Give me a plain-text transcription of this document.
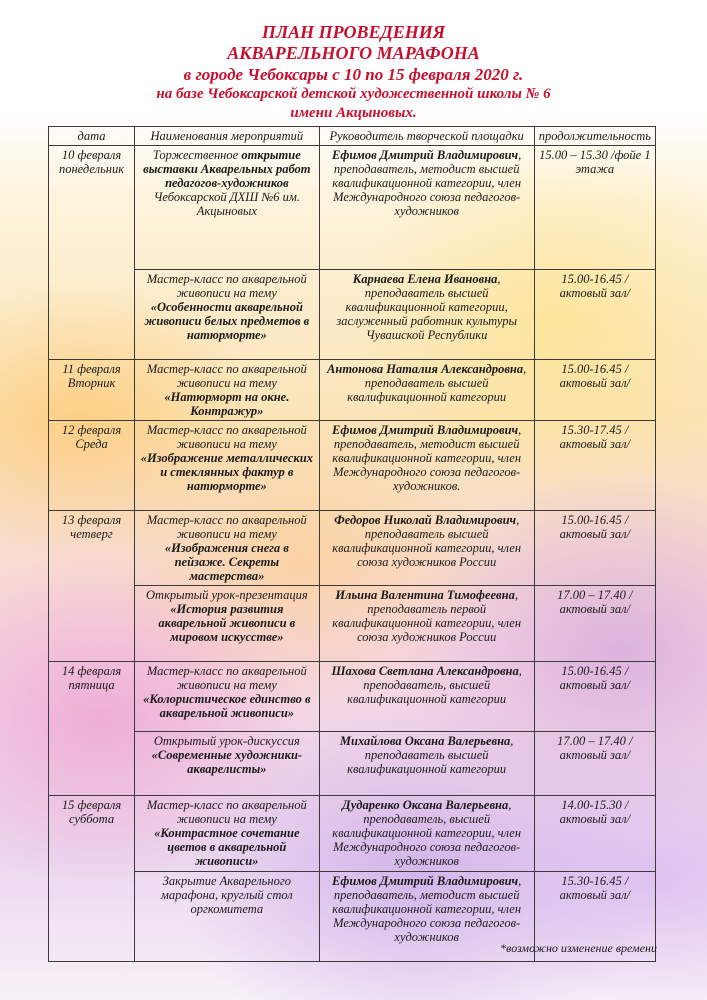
ПЛАН ПРОВЕДЕНИЯ
АКВАРЕЛЬНОГО МАРАФОНА
в городе Чебоксары с 10 по 15 февраля 2020 г.
на базе Чебоксарской детской художественной школы № 6
имени Акцыновых.
дата	Наименования мероприятий	Руководитель творческой площадки	продолжительность
10 февраля понедельник	Торжественное открытие выставки Акварельных работ педагогов-художников Чебоксарской ДХШ №6 им. Акцыновых	Ефимов Дмитрий Владимирович, преподаватель, методист высшей квалификационной категории, член Международного союза педагогов-художников	15.00 – 15.30 /фойе 1 этажа
	Мастер-класс по акварельной живописи на тему «Особенности акварельной живописи белых предметов в натюрморте»	Карнаева Елена Ивановна, преподаватель высшей квалификационной категории, заслуженный работник культуры Чувашской Республики	15.00-16.45 /актовый зал/
11 февраля Вторник	Мастер-класс по акварельной живописи на тему «Натюрморт на окне. Контражур»	Антонова Наталия Александровна, преподаватель высшей квалификационной категории	15.00-16.45 /актовый зал/
12 февраля Среда	Мастер-класс по акварельной живописи на тему «Изображение металлических и стеклянных фактур в натюрморте»	Ефимов Дмитрий Владимирович, преподаватель, методист высшей квалификационной категории, член Международного союза педагогов-художников.	15.30-17.45 /актовый зал/
13 февраля четверг	Мастер-класс по акварельной живописи на тему «Изображения снега в пейзаже. Секреты мастерства»	Федоров Николай Владимирович, преподаватель высшей квалификационной категории, член союза художников России	15.00-16.45 /актовый зал/
	Открытый урок-презентация «История развития акварельной живописи в мировом искусстве»	Ильина Валентина Тимофеевна, преподаватель первой квалификационной категории, член союза художников России	17.00 – 17.40 /актовый зал/
14 февраля пятница	Мастер-класс по акварельной живописи на тему «Колористическое единство в акварельной живописи»	Шахова Светлана Александровна, преподаватель, высшей квалификационной категории	15.00-16.45 /актовый зал/
	Открытый урок-дискуссия «Современные художники-акварелисты»	Михайлова Оксана Валерьевна, преподаватель высшей квалификационной категории	17.00 – 17.40 /актовый зал/
15 февраля суббота	Мастер-класс по акварельной живописи на тему «Контрастное сочетание цветов в акварельной живописи»	Дударенко Оксана Валерьевна, преподаватель, высшей квалификационной категории, член Международного союза педагогов-художников	14.00-15.30 /актовый зал/
	Закрытие Акварельного марафона, круглый стол оргкомитета	Ефимов Дмитрий Владимирович, преподаватель, методист высшей квалификационной категории, член Международного союза педагогов-художников	15.30-16.45 /актовый зал/
*возможно изменение времени
